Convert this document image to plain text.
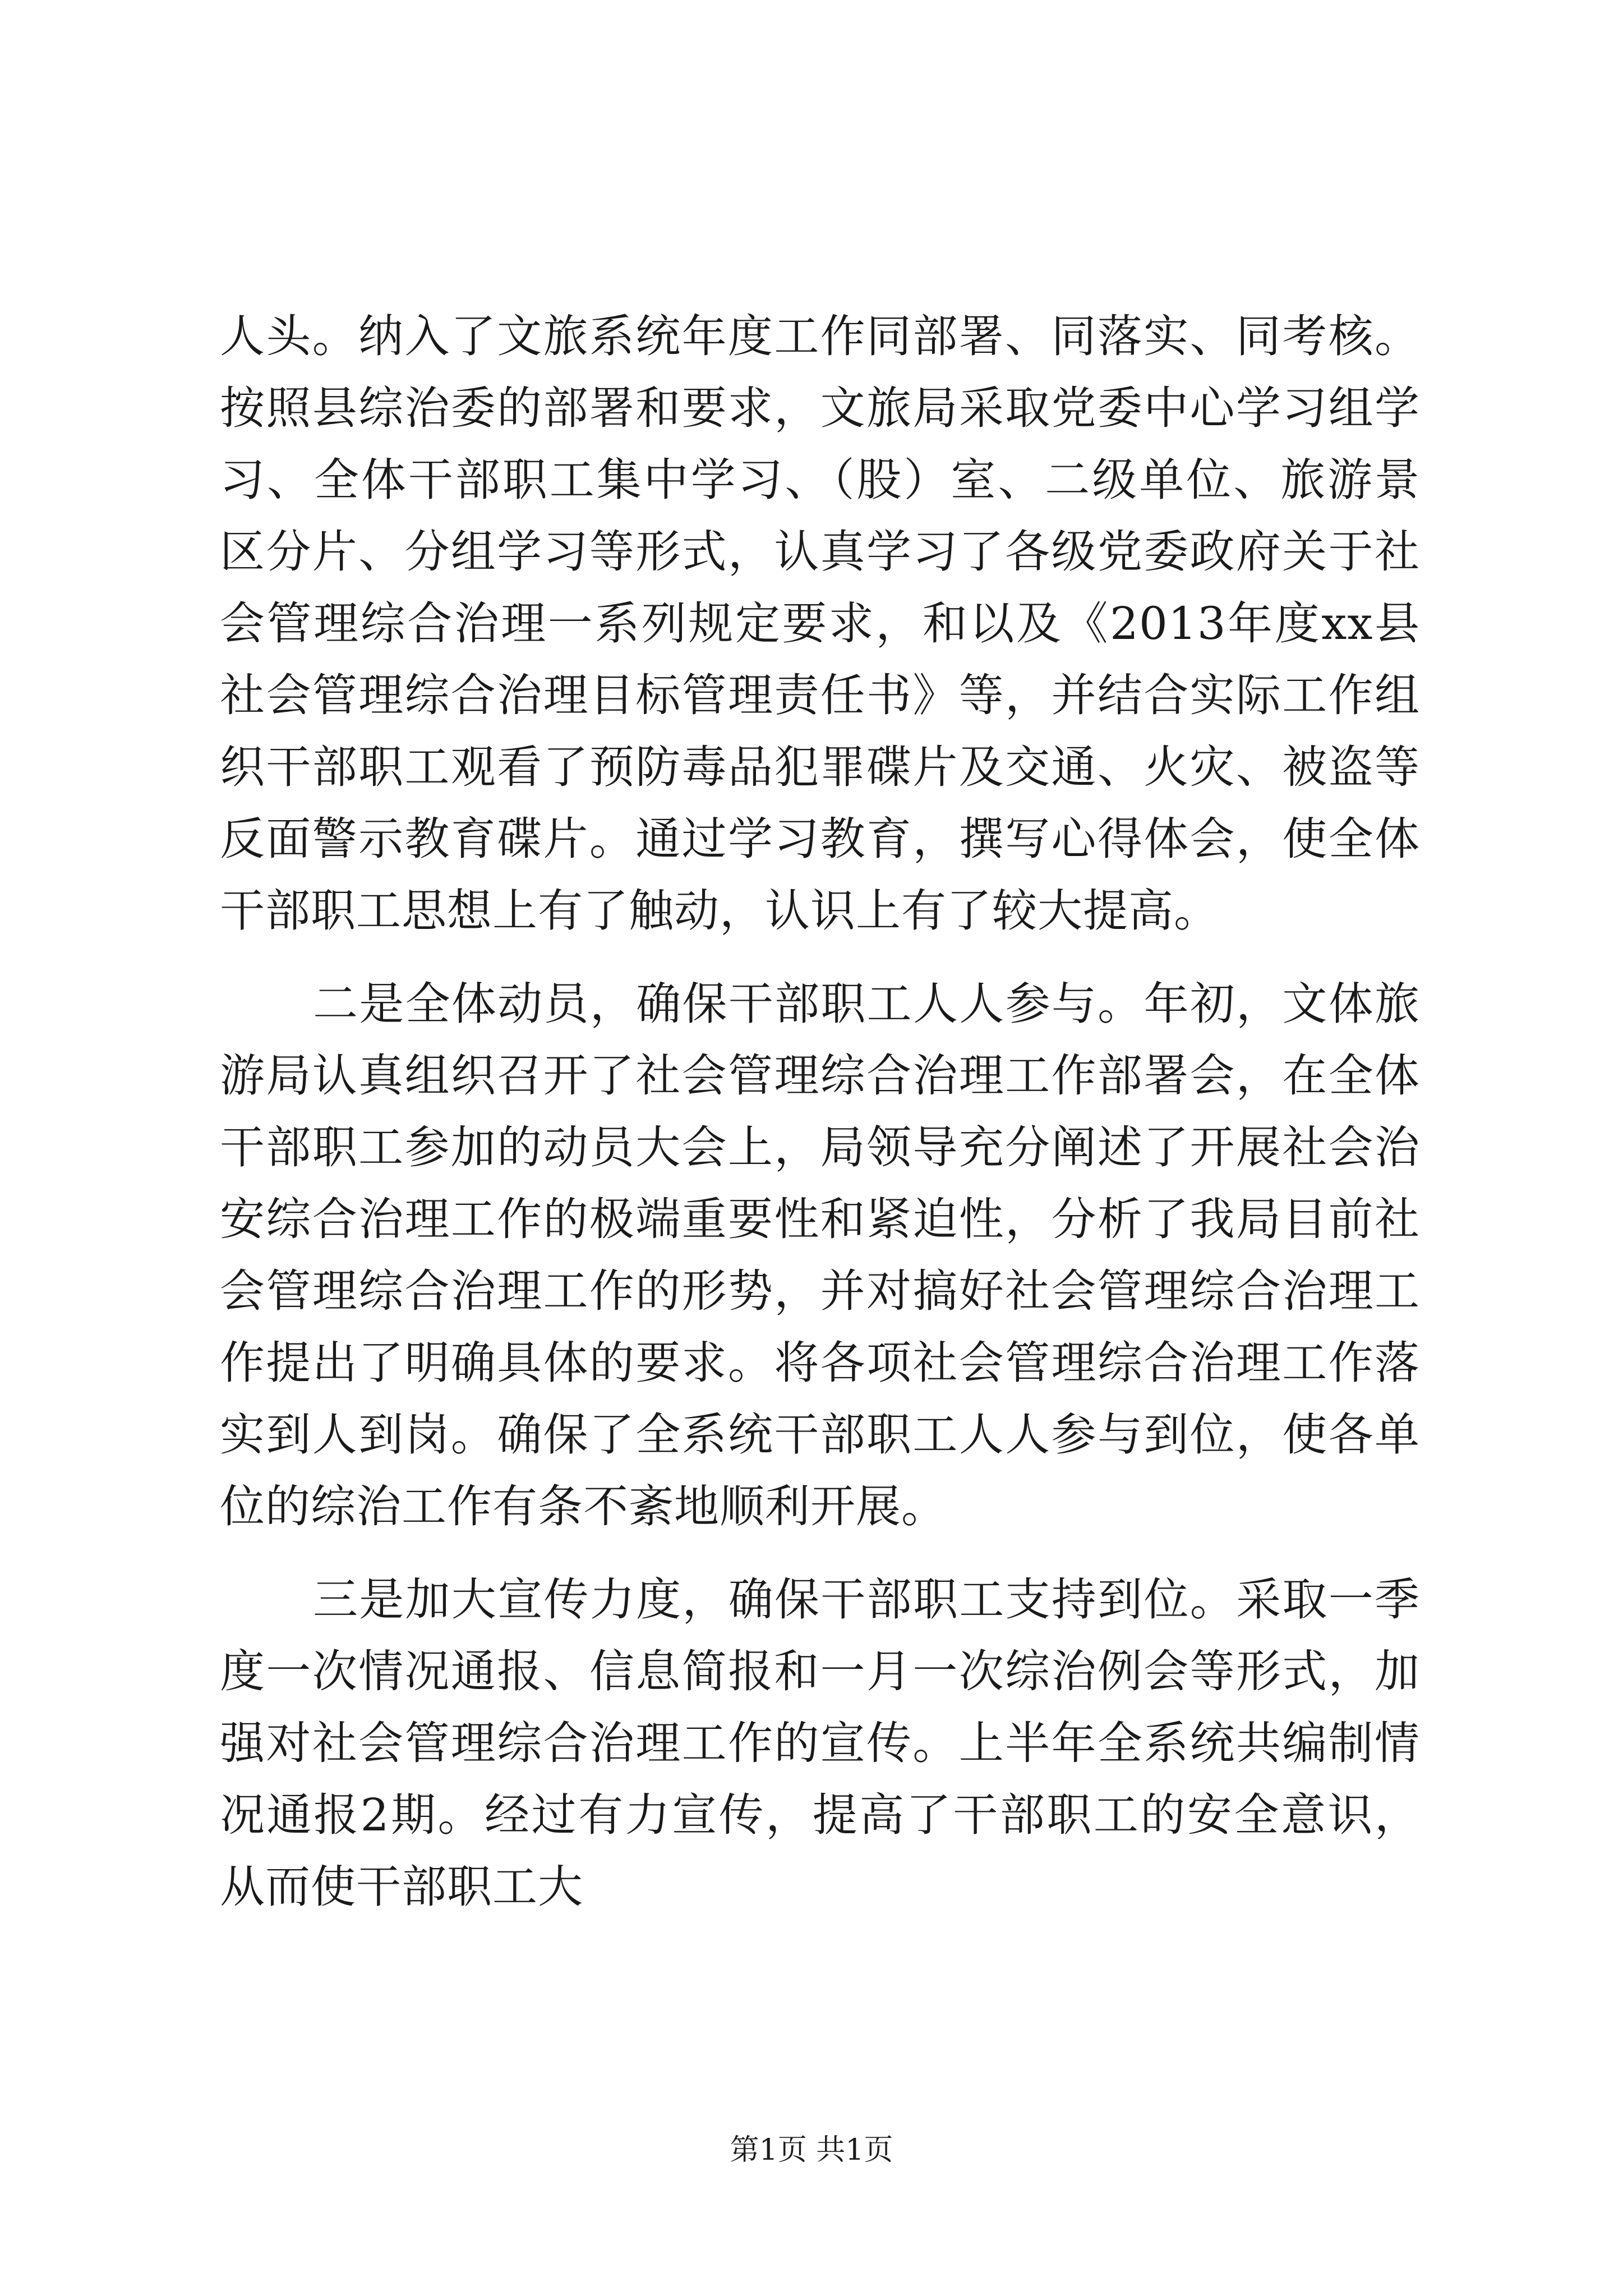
人头。纳入了文旅系统年度工作同部署、同落实、同考核。按照县综治委的部署和要求，文旅局采取党委中心学习组学习、全体干部职工集中学习、（股）室、二级单位、旅游景区分片、分组学习等形式，认真学习了各级党委政府关于社会管理综合治理一系列规定要求，和以及《2013年度xx县社会管理综合治理目标管理责任书》等，并结合实际工作组织干部职工观看了预防毒品犯罪碟片及交通、火灾、被盗等反面警示教育碟片。通过学习教育，撰写心得体会，使全体干部职工思想上有了触动，认识上有了较大提高。

二是全体动员，确保干部职工人人参与。年初，文体旅游局认真组织召开了社会管理综合治理工作部署会，在全体干部职工参加的动员大会上，局领导充分阐述了开展社会治安综合治理工作的极端重要性和紧迫性，分析了我局目前社会管理综合治理工作的形势，并对搞好社会管理综合治理工作提出了明确具体的要求。将各项社会管理综合治理工作落实到人到岗。确保了全系统干部职工人人参与到位，使各单位的综治工作有条不紊地顺利开展。

三是加大宣传力度，确保干部职工支持到位。采取一季度一次情况通报、信息简报和一月一次综治例会等形式，加强对社会管理综合治理工作的宣传。上半年全系统共编制情况通报2期。经过有力宣传，提高了干部职工的安全意识，从而使干部职工大

第1页 共1页
